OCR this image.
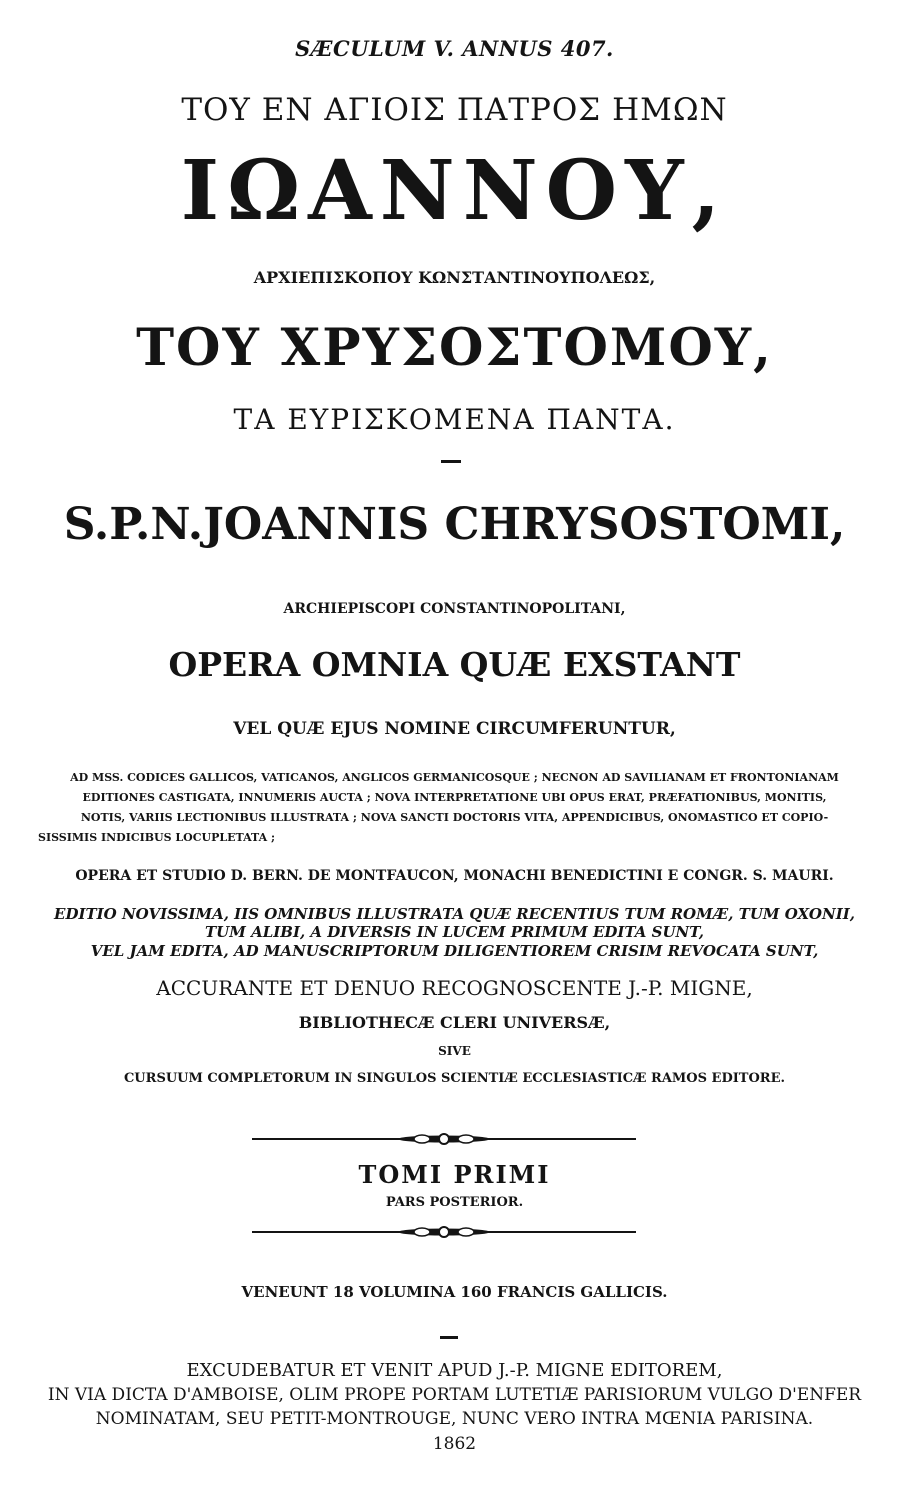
SÆCULUM V. ANNUS 407.
ΤΟΥ ΕΝ ΑΓΙΟΙΣ ΠΑΤΡΟΣ ΗΜΩΝ
ΙΩΑΝΝΟΥ,
ΑΡΧΙΕΠΙΣΚΟΠΟΥ ΚΩΝΣΤΑΝΤΙΝΟΥΠΟΛΕΩΣ,
ΤΟΥ ΧΡΥΣΟΣΤΟΜΟΥ,
ΤΑ ΕΥΡΙΣΚΟΜΕΝΑ ΠΑΝΤΑ.
S.P.N.JOANNIS CHRYSOSTOMI,
ARCHIEPISCOPI CONSTANTINOPOLITANI,
OPERA OMNIA QUÆ EXSTANT
VEL QUÆ EJUS NOMINE CIRCUMFERUNTUR,
AD MSS. CODICES GALLICOS, VATICANOS, ANGLICOS GERMANICOSQUE ; NECNON AD SAVILIANAM ET FRONTONIANAM
EDITIONES CASTIGATA, INNUMERIS AUCTA ; NOVA INTERPRETATIONE UBI OPUS ERAT, PRÆFATIONIBUS, MONITIS,
NOTIS, VARIIS LECTIONIBUS ILLUSTRATA ; NOVA SANCTI DOCTORIS VITA, APPENDICIBUS, ONOMASTICO ET COPIO-
SISSIMIS INDICIBUS LOCUPLETATA ;
OPERA ET STUDIO D. BERN. DE MONTFAUCON, MONACHI BENEDICTINI E CONGR. S. MAURI.
EDITIO NOVISSIMA, IIS OMNIBUS ILLUSTRATA QUÆ RECENTIUS TUM ROMÆ, TUM OXONII,
TUM ALIBI, A DIVERSIS IN LUCEM PRIMUM EDITA SUNT,
VEL JAM EDITA, AD MANUSCRIPTORUM DILIGENTIOREM CRISIM REVOCATA SUNT,
ACCURANTE ET DENUO RECOGNOSCENTE J.-P. MIGNE,
BIBLIOTHECÆ CLERI UNIVERSÆ,
SIVE
CURSUUM COMPLETORUM IN SINGULOS SCIENTIÆ ECCLESIASTICÆ RAMOS EDITORE.
TOMI PRIMI
PARS POSTERIOR.
VENEUNT 18 VOLUMINA 160 FRANCIS GALLICIS.
EXCUDEBATUR ET VENIT APUD J.-P. MIGNE EDITOREM,
IN VIA DICTA D'AMBOISE, OLIM PROPE PORTAM LUTETIÆ PARISIORUM VULGO D'ENFER
NOMINATAM, SEU PETIT-MONTROUGE, NUNC VERO INTRA MŒNIA PARISINA.
1862
